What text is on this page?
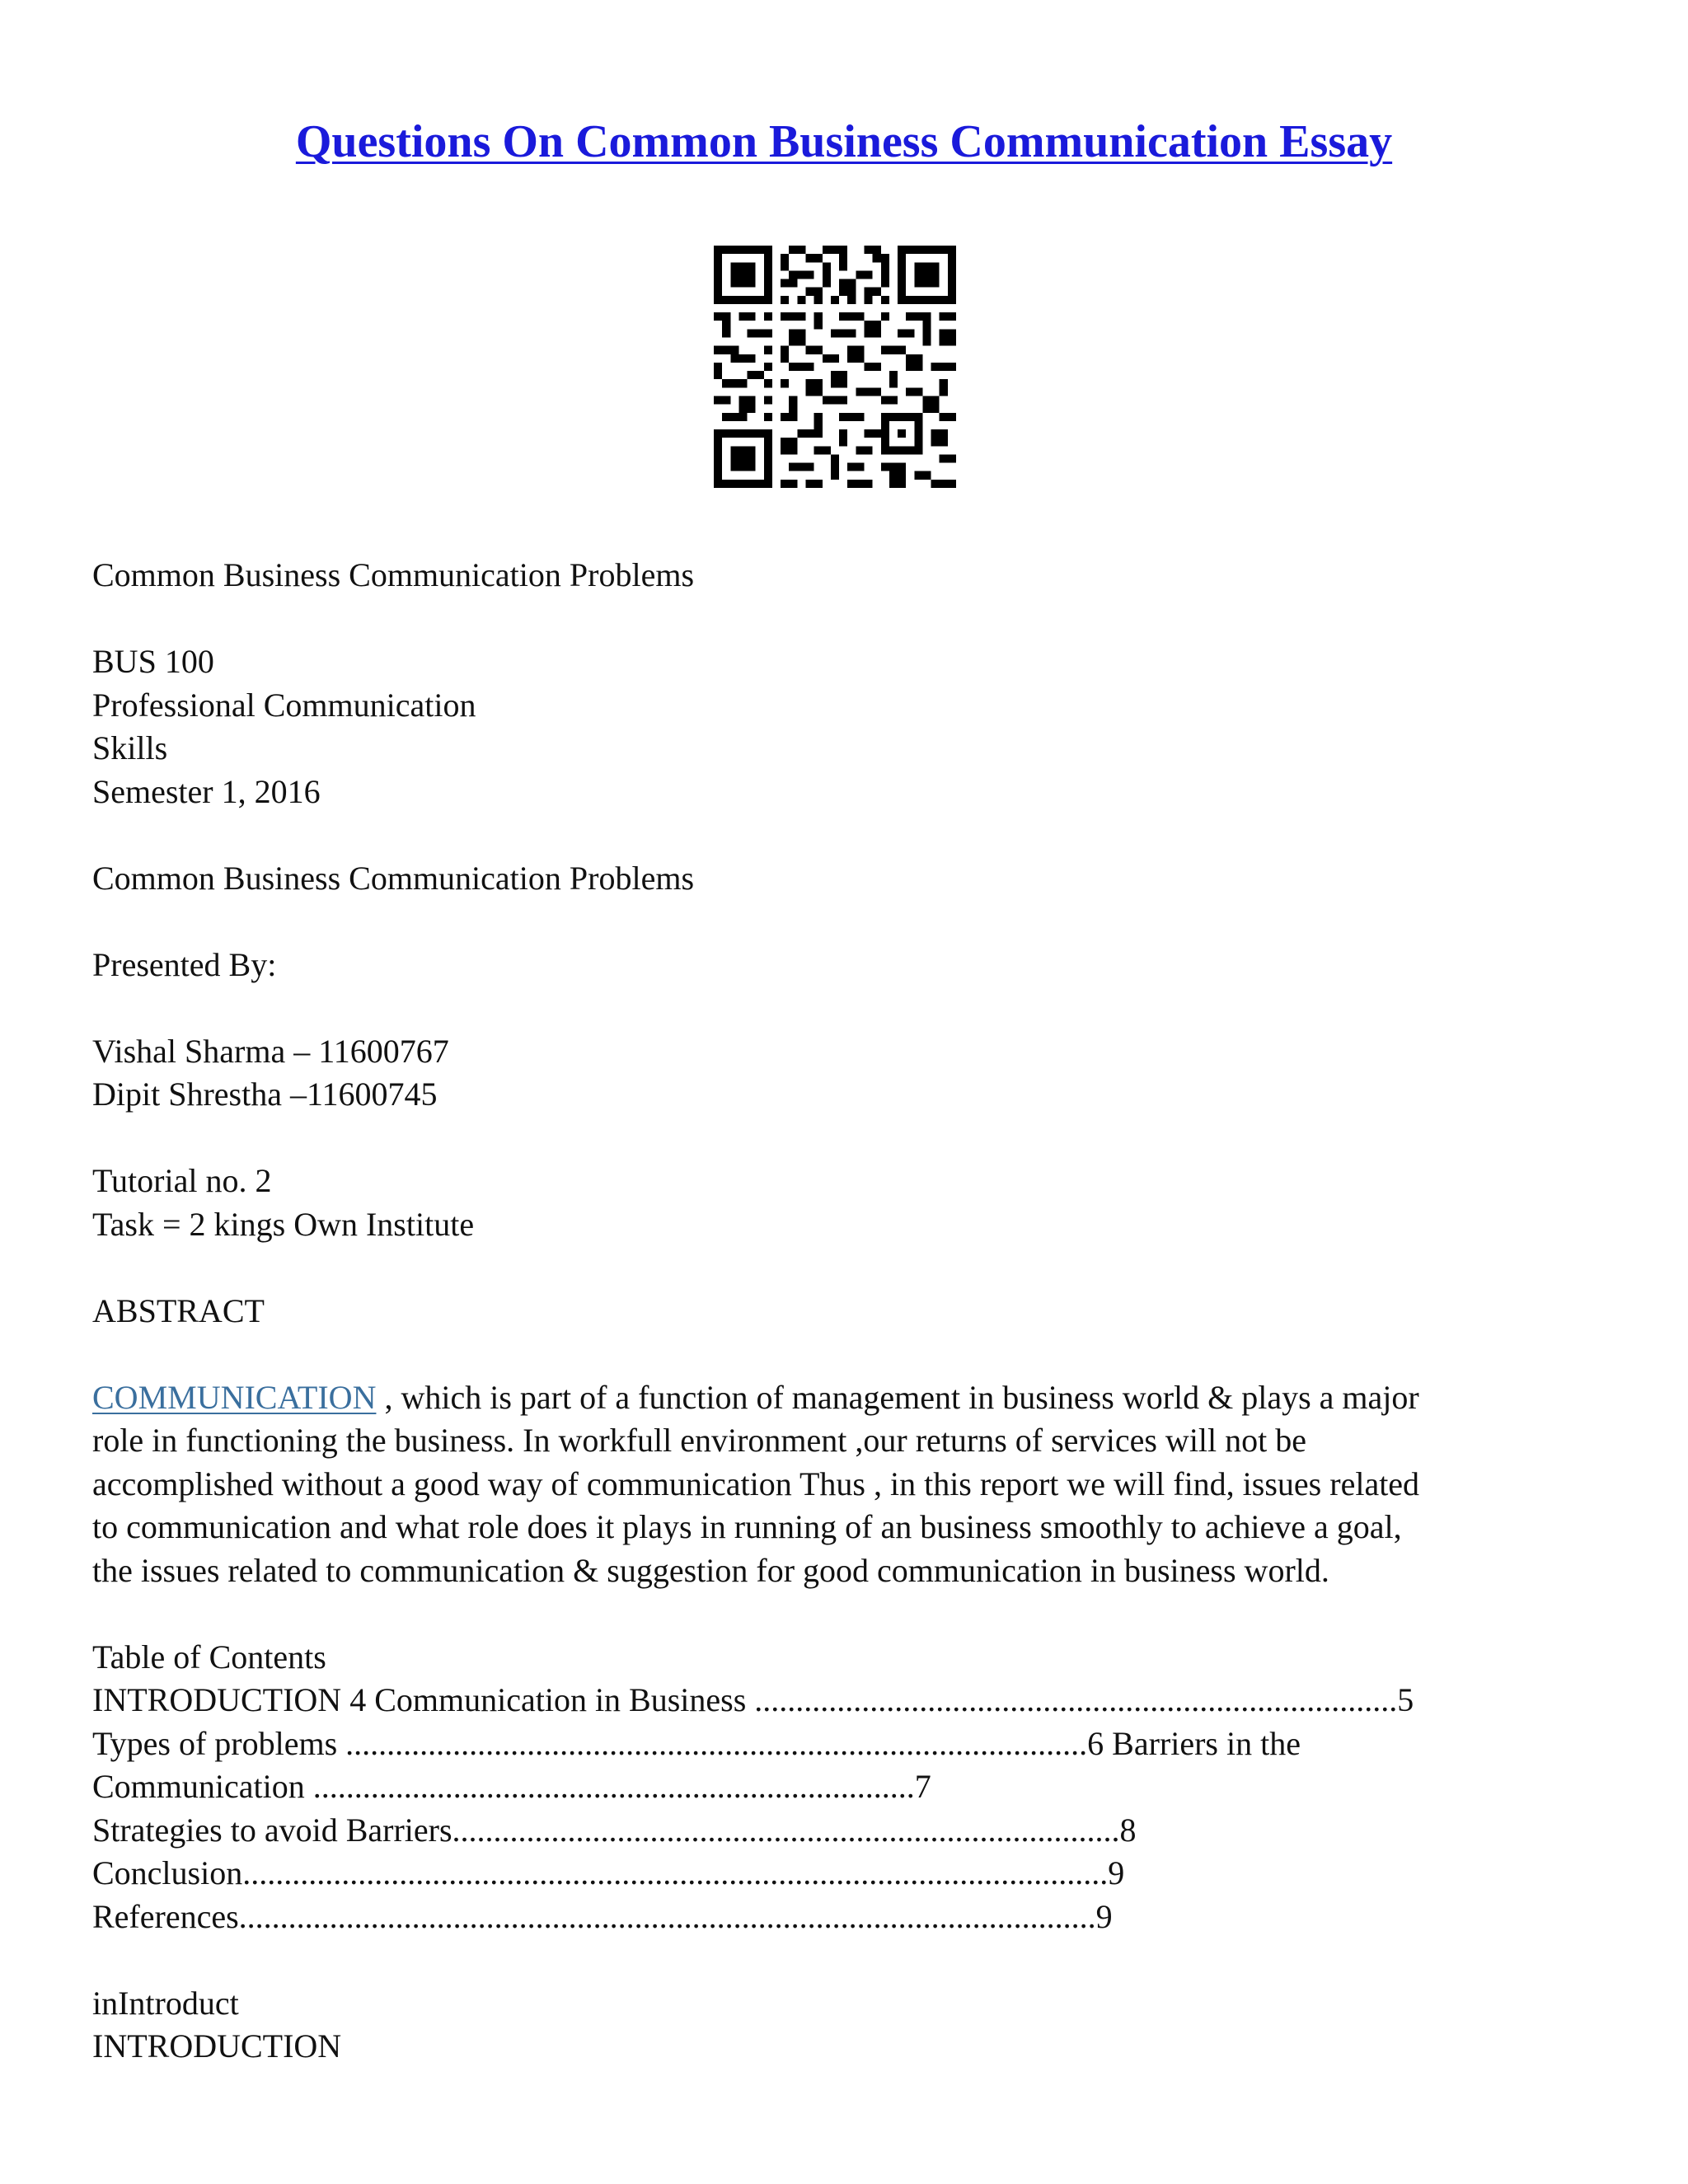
Questions On Common Business Communication Essay
Common Business Communication Problems
BUS 100
Professional Communication
Skills
Semester 1, 2016
Common Business Communication Problems
Presented By:
Vishal Sharma – 11600767
Dipit Shrestha –11600745
Tutorial no. 2
Task = 2 kings Own Institute
ABSTRACT
COMMUNICATION , which is part of a function of management in business world & plays a major
role in functioning the business. In workfull environment ,our returns of services will not be
accomplished without a good way of communication Thus , in this report we will find, issues related
to communication and what role does it plays in running of an business smoothly to achieve a goal,
the issues related to communication & suggestion for good communication in business world.
Table of Contents
INTRODUCTION 4 Communication in Business ..............................................................................5
Types of problems ..........................................................................................6 Barriers in the
Communication .........................................................................7
Strategies to avoid Barriers.................................................................................8
Conclusion.........................................................................................................9
References........................................................................................................9
inIntroduct
INTRODUCTION
